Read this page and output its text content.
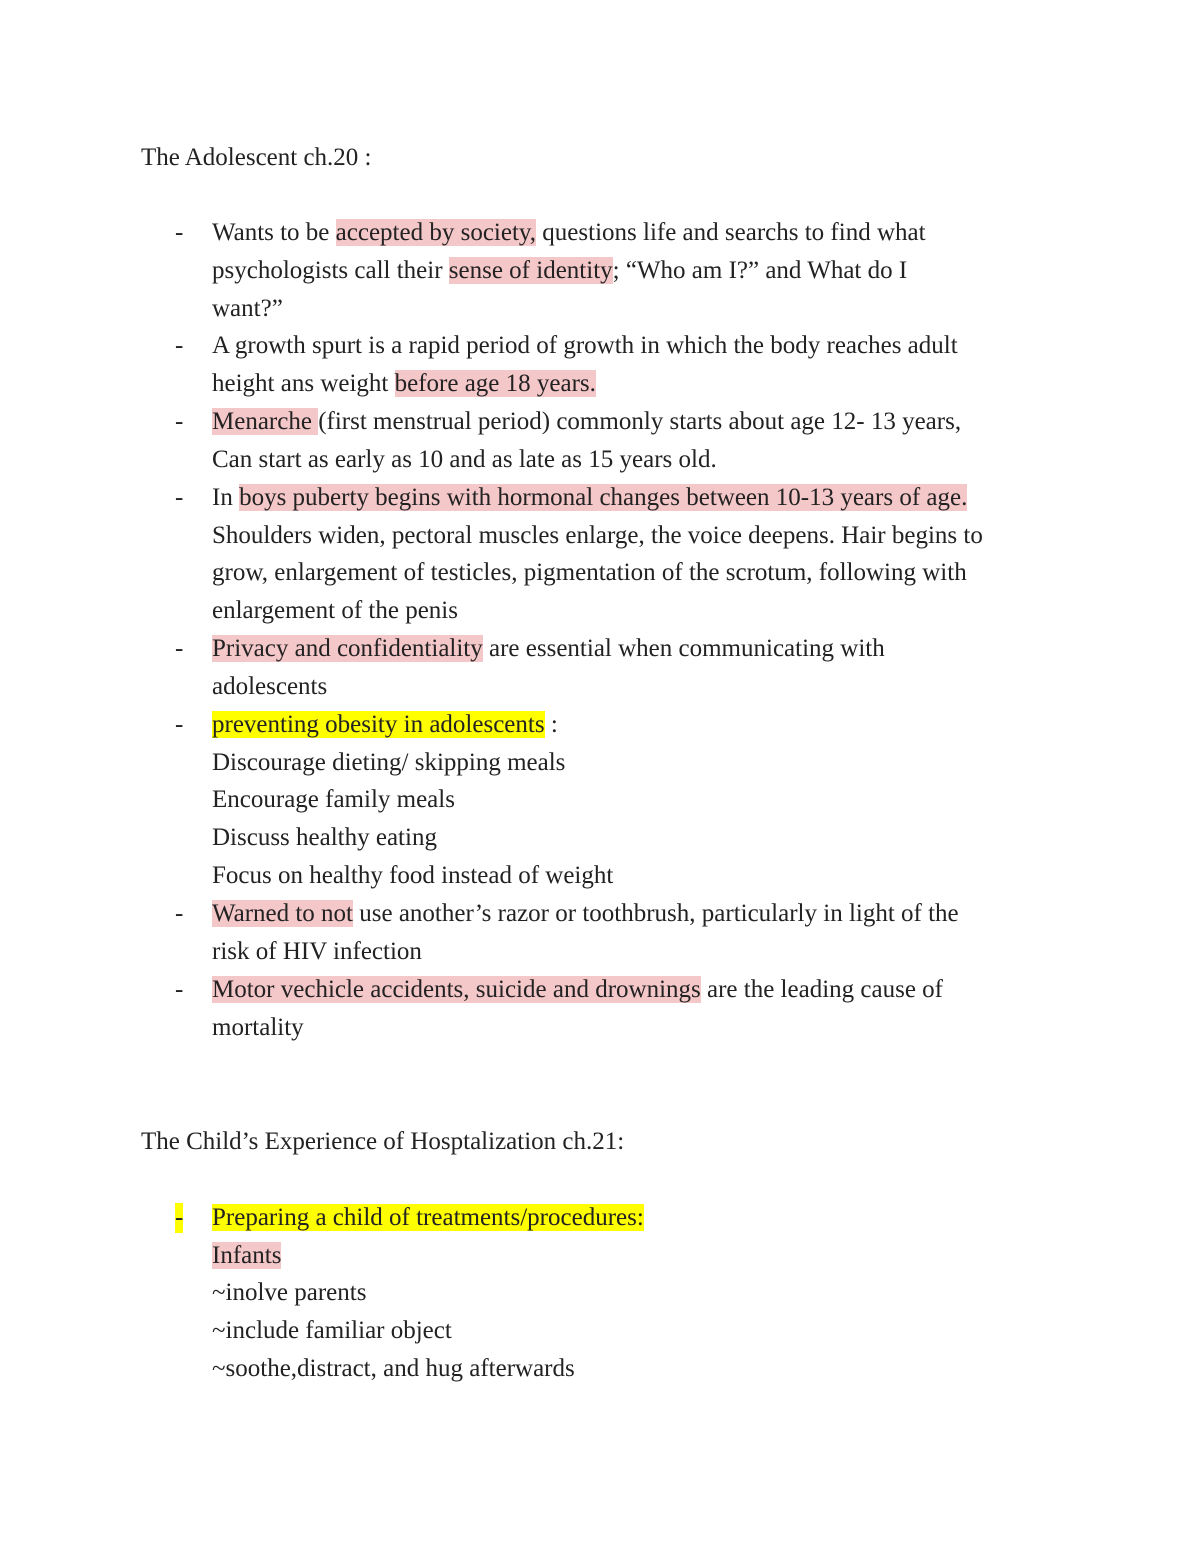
The Adolescent ch.20 :
- Wants to be accepted by society, questions life and searchs to find what
psychologists call their sense of identity; “Who am I?” and What do I
want?”
- A growth spurt is a rapid period of growth in which the body reaches adult
height ans weight before age 18 years.
- Menarche (first menstrual period) commonly starts about age 12- 13 years,
Can start as early as 10 and as late as 15 years old.
- In boys puberty begins with hormonal changes between 10-13 years of age.
Shoulders widen, pectoral muscles enlarge, the voice deepens. Hair begins to
grow, enlargement of testicles, pigmentation of the scrotum, following with
enlargement of the penis
- Privacy and confidentiality are essential when communicating with
adolescents
- preventing obesity in adolescents :
Discourage dieting/ skipping meals
Encourage family meals
Discuss healthy eating
Focus on healthy food instead of weight
- Warned to not use another’s razor or toothbrush, particularly in light of the
risk of HIV infection
- Motor vechicle accidents, suicide and drownings are the leading cause of
mortality
The Child’s Experience of Hosptalization ch.21:
- Preparing a child of treatments/procedures:
Infants
~inolve parents
~include familiar object
~soothe,distract, and hug afterwards
